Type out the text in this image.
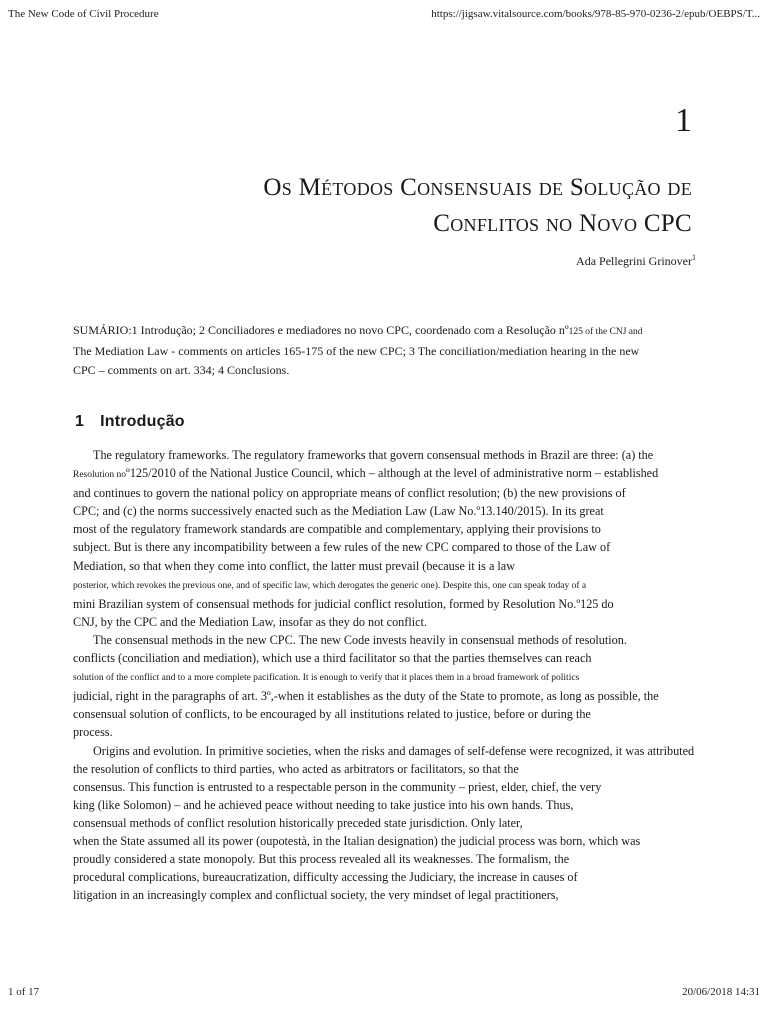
The New Code of Civil Procedure	https://jigsaw.vitalsource.com/books/978-85-970-0236-2/epub/OEBPS/T...
1
Os Métodos Consensuais de Solução de
Conflitos no Novo CPC
Ada Pellegrini Grinover$^1$
SUMÁRIO:1 Introdução; 2 Conciliadores e mediadores no novo CPC, coordenado com a Resolução nº125 of the CNJ and
The Mediation Law - comments on articles 165-175 of the new CPC; 3 The conciliation/mediation hearing in the new
CPC – comments on art. 334; 4 Conclusions.
1 Introdução
The regulatory frameworks. The regulatory frameworks that govern consensual methods in Brazil are three: (a) the
Resolution noº125/2010 of the National Justice Council, which – although at the level of administrative norm – established
and continues to govern the national policy on appropriate means of conflict resolution; (b) the new provisions of
CPC; and (c) the norms successively enacted such as the Mediation Law (Law No.º13.140/2015). In its great
most of the regulatory framework standards are compatible and complementary, applying their provisions to
subject. But is there any incompatibility between a few rules of the new CPC compared to those of the Law of
Mediation, so that when they come into conflict, the latter must prevail (because it is a law
posterior, which revokes the previous one, and of specific law, which derogates the generic one). Despite this, one can speak today of a
mini Brazilian system of consensual methods for judicial conflict resolution, formed by Resolution No.º125 do
CNJ, by the CPC and the Mediation Law, insofar as they do not conflict.
The consensual methods in the new CPC. The new Code invests heavily in consensual methods of resolution.
conflicts (conciliation and mediation), which use a third facilitator so that the parties themselves can reach
solution of the conflict and to a more complete pacification. It is enough to verify that it places them in a broad framework of politics
judicial, right in the paragraphs of art. 3º,-when it establishes as the duty of the State to promote, as long as possible, the
consensual solution of conflicts, to be encouraged by all institutions related to justice, before or during the
process.
Origins and evolution. In primitive societies, when the risks and damages of self-defense were recognized, it was attributed
the resolution of conflicts to third parties, who acted as arbitrators or facilitators, so that the
consensus. This function is entrusted to a respectable person in the community – priest, elder, chief, the very
king (like Solomon) – and he achieved peace without needing to take justice into his own hands. Thus,
consensual methods of conflict resolution historically preceded state jurisdiction. Only later,
when the State assumed all its power (oupotestà, in the Italian designation) the judicial process was born, which was
proudly considered a state monopoly. But this process revealed all its weaknesses. The formalism, the
procedural complications, bureaucratization, difficulty accessing the Judiciary, the increase in causes of
litigation in an increasingly complex and conflictual society, the very mindset of legal practitioners,
1 of 17	20/06/2018 14:31
